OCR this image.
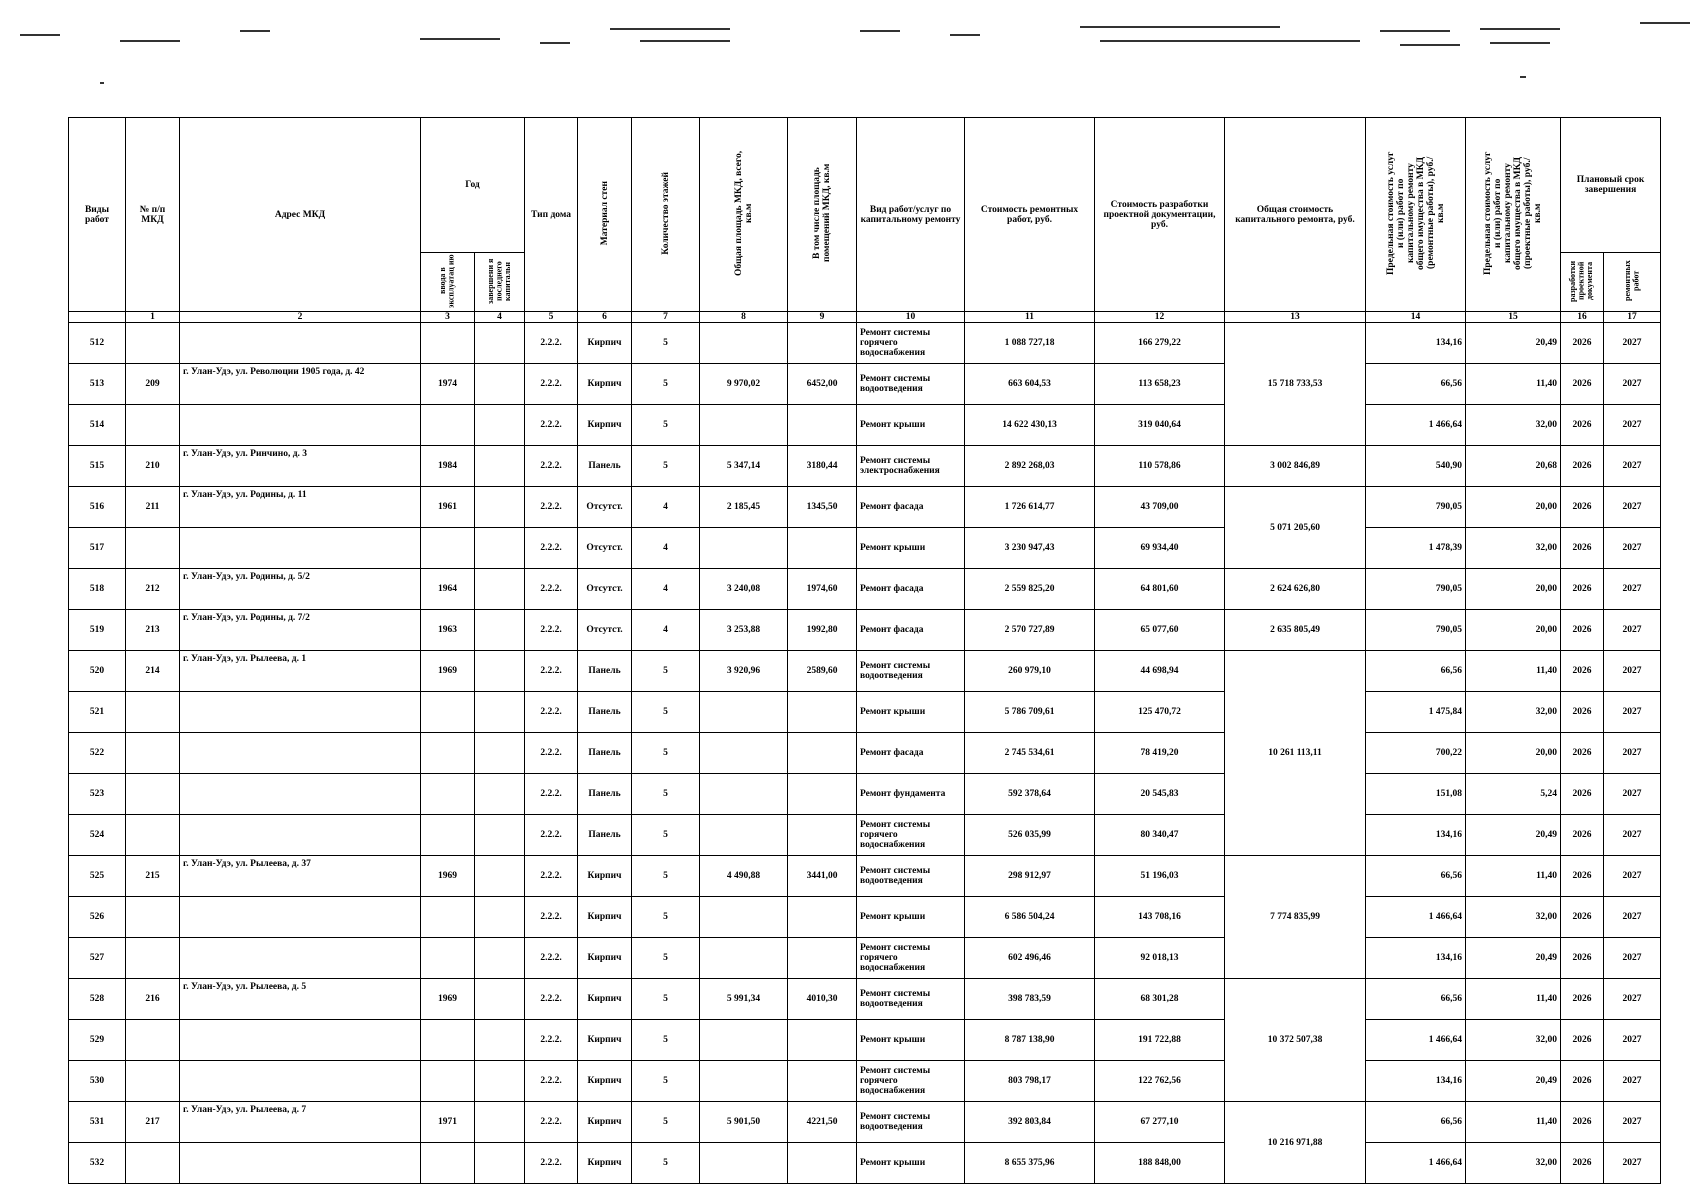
Виды работ	№ п/п МКД	Адрес МКД	Год		Тип дома	Материал стен	Количество этажей	Общая площадь МКД, всего, кв.м	В том числе площадь помещений МКД, кв.м	Вид работ/услуг по капитальному ремонту	Стоимость ремонтных работ, руб.	Стоимость разработки проектной документации, руб.	Общая стоимость капитального ремонта, руб.	Предельная стоимость услуг и (или) работ по капитальному ремонту общего имущества в МКД (ремонтные работы), руб./кв.м	Предельная стоимость услуг и (или) работ по капитальному ремонту общего имущества в МКД (проектные работы), руб./кв.м	Плановый срок завершения	
			ввода в эксплуатац ию	завершени я последнего капитальн												разработки проектной документа	ремонтных работ
	1	2	3	4	5	6	7	8	9	10	11	12	13	14	15	16	17
512					2.2.2.	Кирпич	5			Ремонт системы горячего водоснабжения	1 088 727,18	166 279,22	15 718 733,53	134,16	20,49	2026	2027
513	209	г. Улан-Удэ, ул. Революции 1905 года, д. 42	1974		2.2.2.	Кирпич	5	9 970,02	6452,00	Ремонт системы водоотведения	663 604,53	113 658,23		66,56	11,40	2026	2027
514					2.2.2.	Кирпич	5			Ремонт крыши	14 622 430,13	319 040,64		1 466,64	32,00	2026	2027
515	210	г. Улан-Удэ, ул. Ринчино, д. 3	1984		2.2.2.	Панель	5	5 347,14	3180,44	Ремонт системы электроснабжения	2 892 268,03	110 578,86	3 002 846,89	540,90	20,68	2026	2027
516	211	г. Улан-Удэ, ул. Родины, д. 11	1961		2.2.2.	Отсутст.	4	2 185,45	1345,50	Ремонт фасада	1 726 614,77	43 709,00	5 071 205,60	790,05	20,00	2026	2027
517					2.2.2.	Отсутст.	4			Ремонт крыши	3 230 947,43	69 934,40		1 478,39	32,00	2026	2027
518	212	г. Улан-Удэ, ул. Родины, д. 5/2	1964		2.2.2.	Отсутст.	4	3 240,08	1974,60	Ремонт фасада	2 559 825,20	64 801,60	2 624 626,80	790,05	20,00	2026	2027
519	213	г. Улан-Удэ, ул. Родины, д. 7/2	1963		2.2.2.	Отсутст.	4	3 253,88	1992,80	Ремонт фасада	2 570 727,89	65 077,60	2 635 805,49	790,05	20,00	2026	2027
520	214	г. Улан-Удэ, ул. Рылеева, д. 1	1969		2.2.2.	Панель	5	3 920,96	2589,60	Ремонт системы водоотведения	260 979,10	44 698,94	10 261 113,11	66,56	11,40	2026	2027
521					2.2.2.	Панель	5			Ремонт крыши	5 786 709,61	125 470,72		1 475,84	32,00	2026	2027
522					2.2.2.	Панель	5			Ремонт фасада	2 745 534,61	78 419,20		700,22	20,00	2026	2027
523					2.2.2.	Панель	5			Ремонт фундамента	592 378,64	20 545,83		151,08	5,24	2026	2027
524					2.2.2.	Панель	5			Ремонт системы горячего водоснабжения	526 035,99	80 340,47		134,16	20,49	2026	2027
525	215	г. Улан-Удэ, ул. Рылеева, д. 37	1969		2.2.2.	Кирпич	5	4 490,88	3441,00	Ремонт системы водоотведения	298 912,97	51 196,03	7 774 835,99	66,56	11,40	2026	2027
526					2.2.2.	Кирпич	5			Ремонт крыши	6 586 504,24	143 708,16		1 466,64	32,00	2026	2027
527					2.2.2.	Кирпич	5			Ремонт системы горячего водоснабжения	602 496,46	92 018,13		134,16	20,49	2026	2027
528	216	г. Улан-Удэ, ул. Рылеева, д. 5	1969		2.2.2.	Кирпич	5	5 991,34	4010,30	Ремонт системы водоотведения	398 783,59	68 301,28	10 372 507,38	66,56	11,40	2026	2027
529					2.2.2.	Кирпич	5			Ремонт крыши	8 787 138,90	191 722,88		1 466,64	32,00	2026	2027
530					2.2.2.	Кирпич	5			Ремонт системы горячего водоснабжения	803 798,17	122 762,56		134,16	20,49	2026	2027
531	217	г. Улан-Удэ, ул. Рылеева, д. 7	1971		2.2.2.	Кирпич	5	5 901,50	4221,50	Ремонт системы водоотведения	392 803,84	67 277,10	10 216 971,88	66,56	11,40	2026	2027
532					2.2.2.	Кирпич	5			Ремонт крыши	8 655 375,96	188 848,00		1 466,64	32,00	2026	2027
